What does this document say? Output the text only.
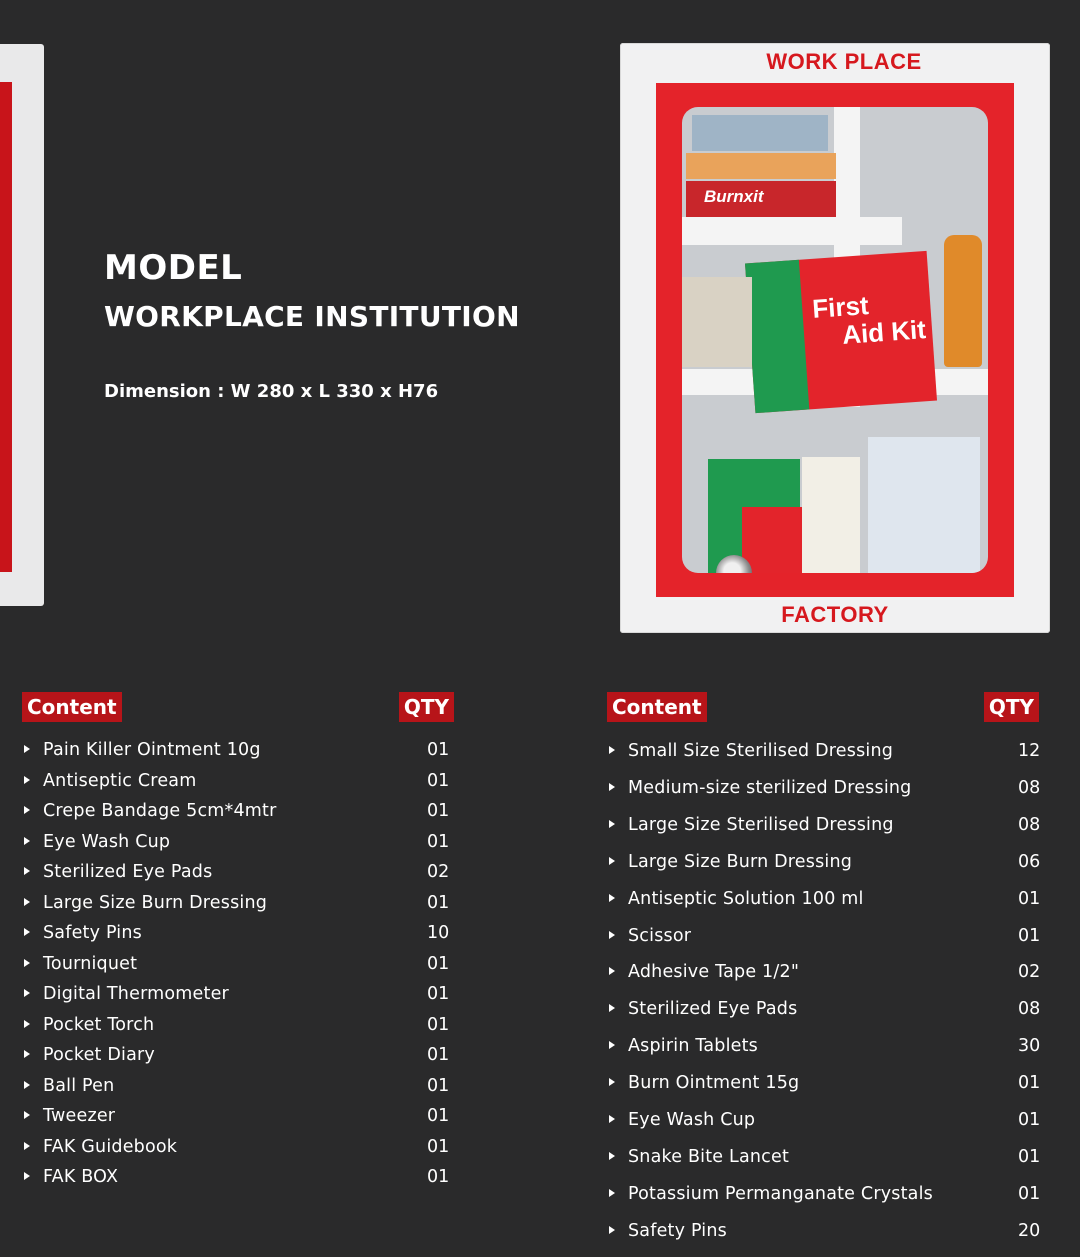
MODEL
WORKPLACE INSTITUTION
Dimension : W 280 x L 330 x H76
WORK PLACE
Burnxit
First
Aid Kit
FACTORY
Content	QTY
Pain Killer Ointment 10g	01
Antiseptic Cream	01
Crepe Bandage 5cm*4mtr	01
Eye Wash Cup	01
Sterilized Eye Pads	02
Large Size Burn Dressing	01
Safety Pins	10
Tourniquet	01
Digital Thermometer	01
Pocket Torch	01
Pocket Diary	01
Ball Pen	01
Tweezer	01
FAK Guidebook	01
FAK BOX	01
Content	QTY
Small Size Sterilised Dressing	12
Medium-size sterilized Dressing	08
Large Size Sterilised Dressing	08
Large Size Burn Dressing	06
Antiseptic Solution 100 ml	01
Scissor	01
Adhesive Tape 1/2"	02
Sterilized Eye Pads	08
Aspirin Tablets	30
Burn Ointment 15g	01
Eye Wash Cup	01
Snake Bite Lancet	01
Potassium Permanganate Crystals	01
Safety Pins	20
